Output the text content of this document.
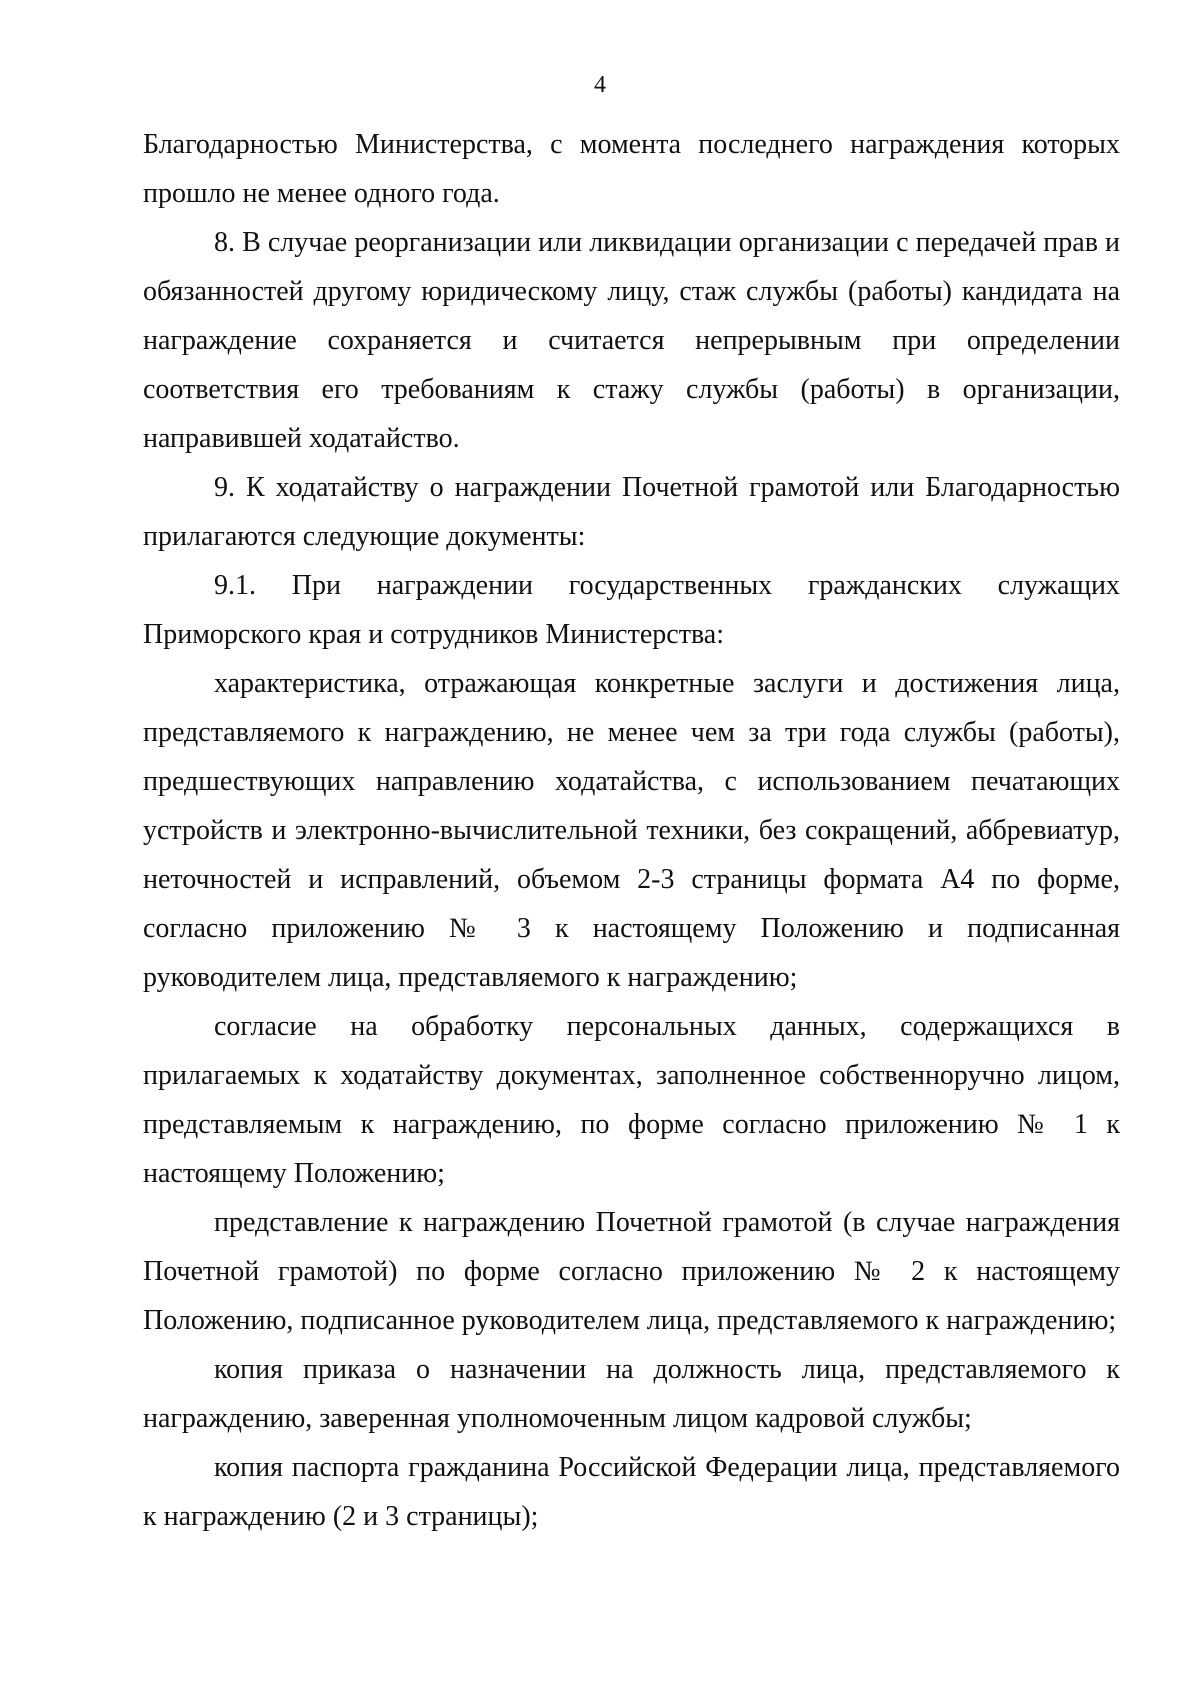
4

Благодарностью Министерства, с момента последнего награждения которых прошло не менее одного года.

8. В случае реорганизации или ликвидации организации с передачей прав и обязанностей другому юридическому лицу, стаж службы (работы) кандидата на награждение сохраняется и считается непрерывным при определении соответствия его требованиям к стажу службы (работы) в организации, направившей ходатайство.

9. К ходатайству о награждении Почетной грамотой или Благодарностью прилагаются следующие документы:

9.1. При награждении государственных гражданских служащих Приморского края и сотрудников Министерства:

характеристика, отражающая конкретные заслуги и достижения лица, представляемого к награждению, не менее чем за три года службы (работы), предшествующих направлению ходатайства, с использованием печатающих устройств и электронно-вычислительной техники, без сокращений, аббревиатур, неточностей и исправлений, объемом 2-3 страницы формата А4 по форме, согласно приложению № 3 к настоящему Положению и подписанная руководителем лица, представляемого к награждению;

согласие на обработку персональных данных, содержащихся в прилагаемых к ходатайству документах, заполненное собственноручно лицом, представляемым к награждению, по форме согласно приложению № 1 к настоящему Положению;

представление к награждению Почетной грамотой (в случае награждения Почетной грамотой) по форме согласно приложению № 2 к настоящему Положению, подписанное руководителем лица, представляемого к награждению;

копия приказа о назначении на должность лица, представляемого к награждению, заверенная уполномоченным лицом кадровой службы;

копия паспорта гражданина Российской Федерации лица, представляемого к награждению (2 и 3 страницы);
